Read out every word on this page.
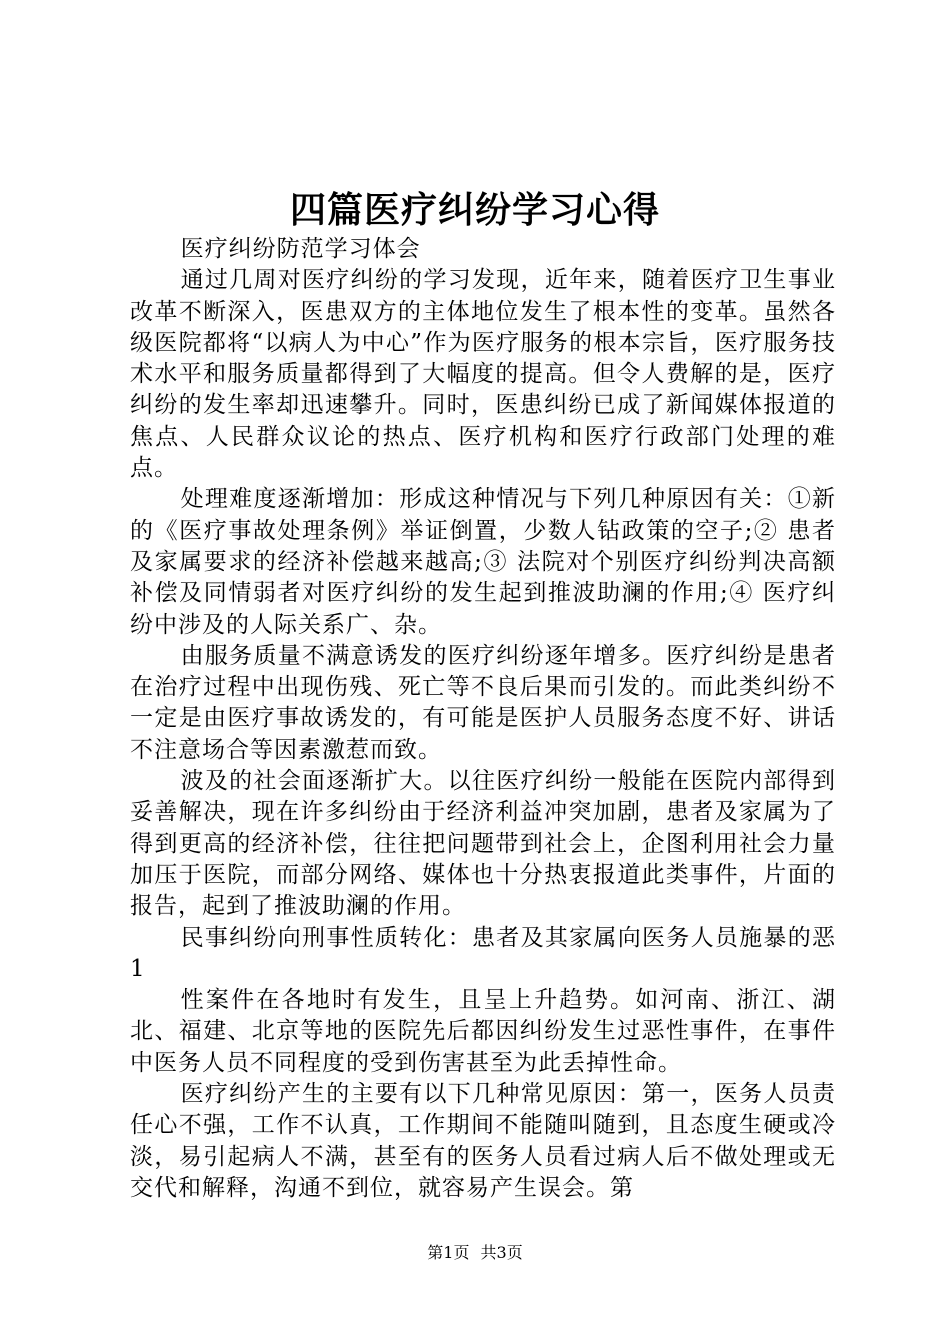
四篇医疗纠纷学习心得

医疗纠纷防范学习体会

通过几周对医疗纠纷的学习发现，近年来，随着医疗卫生事业改革不断深入，医患双方的主体地位发生了根本性的变革。虽然各级医院都将“以病人为中心”作为医疗服务的根本宗旨，医疗服务技术水平和服务质量都得到了大幅度的提高。但令人费解的是，医疗纠纷的发生率却迅速攀升。同时，医患纠纷已成了新闻媒体报道的焦点、人民群众议论的热点、医疗机构和医疗行政部门处理的难点。

处理难度逐渐增加：形成这种情况与下列几种原因有关：①新的《医疗事故处理条例》举证倒置，少数人钻政策的空子;② 患者及家属要求的经济补偿越来越高;③ 法院对个别医疗纠纷判决高额补偿及同情弱者对医疗纠纷的发生起到推波助澜的作用;④ 医疗纠纷中涉及的人际关系广、杂。

由服务质量不满意诱发的医疗纠纷逐年增多。医疗纠纷是患者在治疗过程中出现伤残、死亡等不良后果而引发的。而此类纠纷不一定是由医疗事故诱发的，有可能是医护人员服务态度不好、讲话不注意场合等因素激惹而致。

波及的社会面逐渐扩大。以往医疗纠纷一般能在医院内部得到妥善解决，现在许多纠纷由于经济利益冲突加剧，患者及家属为了得到更高的经济补偿，往往把问题带到社会上，企图利用社会力量加压于医院，而部分网络、媒体也十分热衷报道此类事件，片面的报告，起到了推波助澜的作用。

民事纠纷向刑事性质转化：患者及其家属向医务人员施暴的恶1

性案件在各地时有发生，且呈上升趋势。如河南、浙江、湖北、福建、北京等地的医院先后都因纠纷发生过恶性事件，在事件中医务人员不同程度的受到伤害甚至为此丢掉性命。

医疗纠纷产生的主要有以下几种常见原因：第一，医务人员责任心不强，工作不认真，工作期间不能随叫随到，且态度生硬或冷淡，易引起病人不满，甚至有的医务人员看过病人后不做处理或无交代和解释，沟通不到位，就容易产生误会。第

第1页 共3页
